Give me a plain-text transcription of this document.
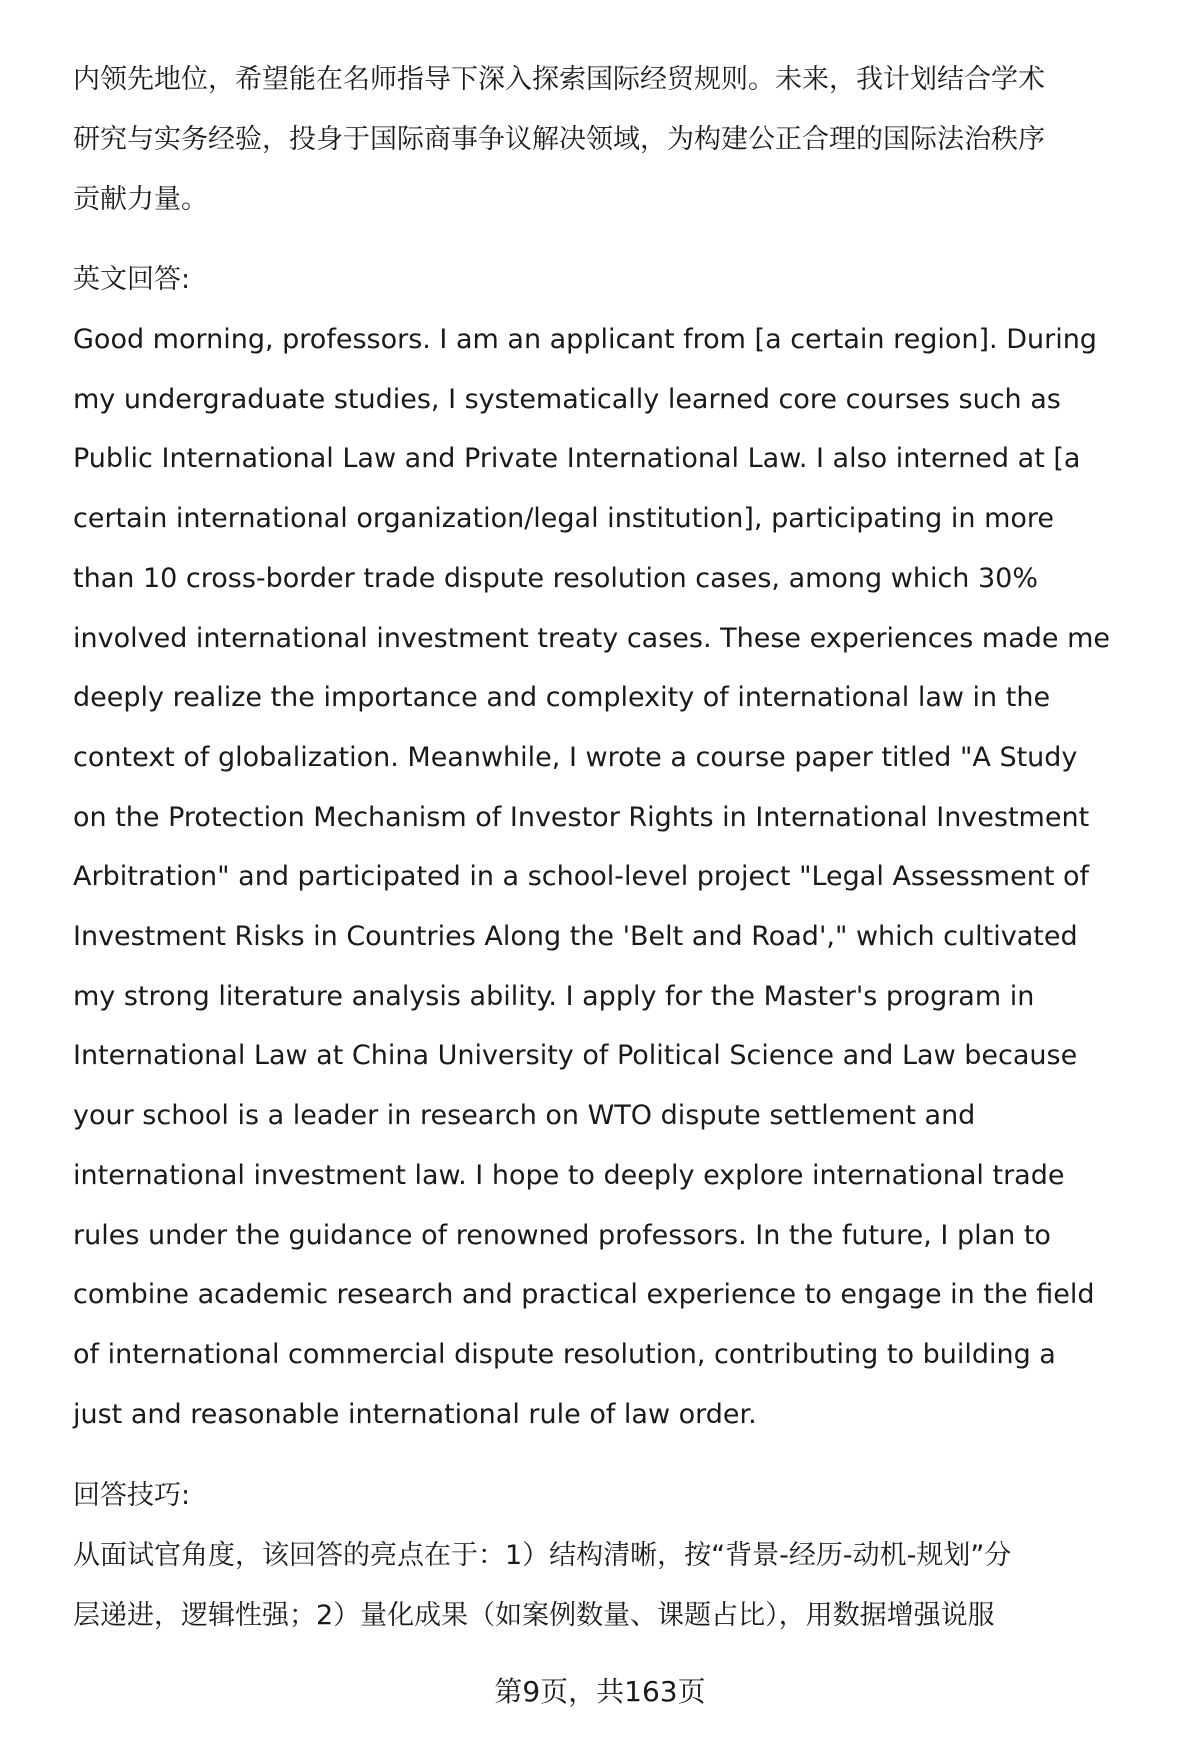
内领先地位，希望能在名师指导下深入探索国际经贸规则。未来，我计划结合学术

研究与实务经验，投身于国际商事争议解决领域，为构建公正合理的国际法治秩序

贡献力量。

英文回答:

Good morning, professors. I am an applicant from [a certain region]. During

my undergraduate studies, I systematically learned core courses such as

Public International Law and Private International Law. I also interned at [a

certain international organization/legal institution], participating in more

than 10 cross-border trade dispute resolution cases, among which 30%

involved international investment treaty cases. These experiences made me

deeply realize the importance and complexity of international law in the

context of globalization. Meanwhile, I wrote a course paper titled "A Study

on the Protection Mechanism of Investor Rights in International Investment

Arbitration" and participated in a school-level project "Legal Assessment of

Investment Risks in Countries Along the 'Belt and Road'," which cultivated

my strong literature analysis ability. I apply for the Master's program in

International Law at China University of Political Science and Law because

your school is a leader in research on WTO dispute settlement and

international investment law. I hope to deeply explore international trade

rules under the guidance of renowned professors. In the future, I plan to

combine academic research and practical experience to engage in the field

of international commercial dispute resolution, contributing to building a

just and reasonable international rule of law order.

回答技巧:

从面试官角度，该回答的亮点在于：1）结构清晰，按“背景-经历-动机-规划”分

层递进，逻辑性强；2）量化成果（如案例数量、课题占比），用数据增强说服

第9页，共163页
